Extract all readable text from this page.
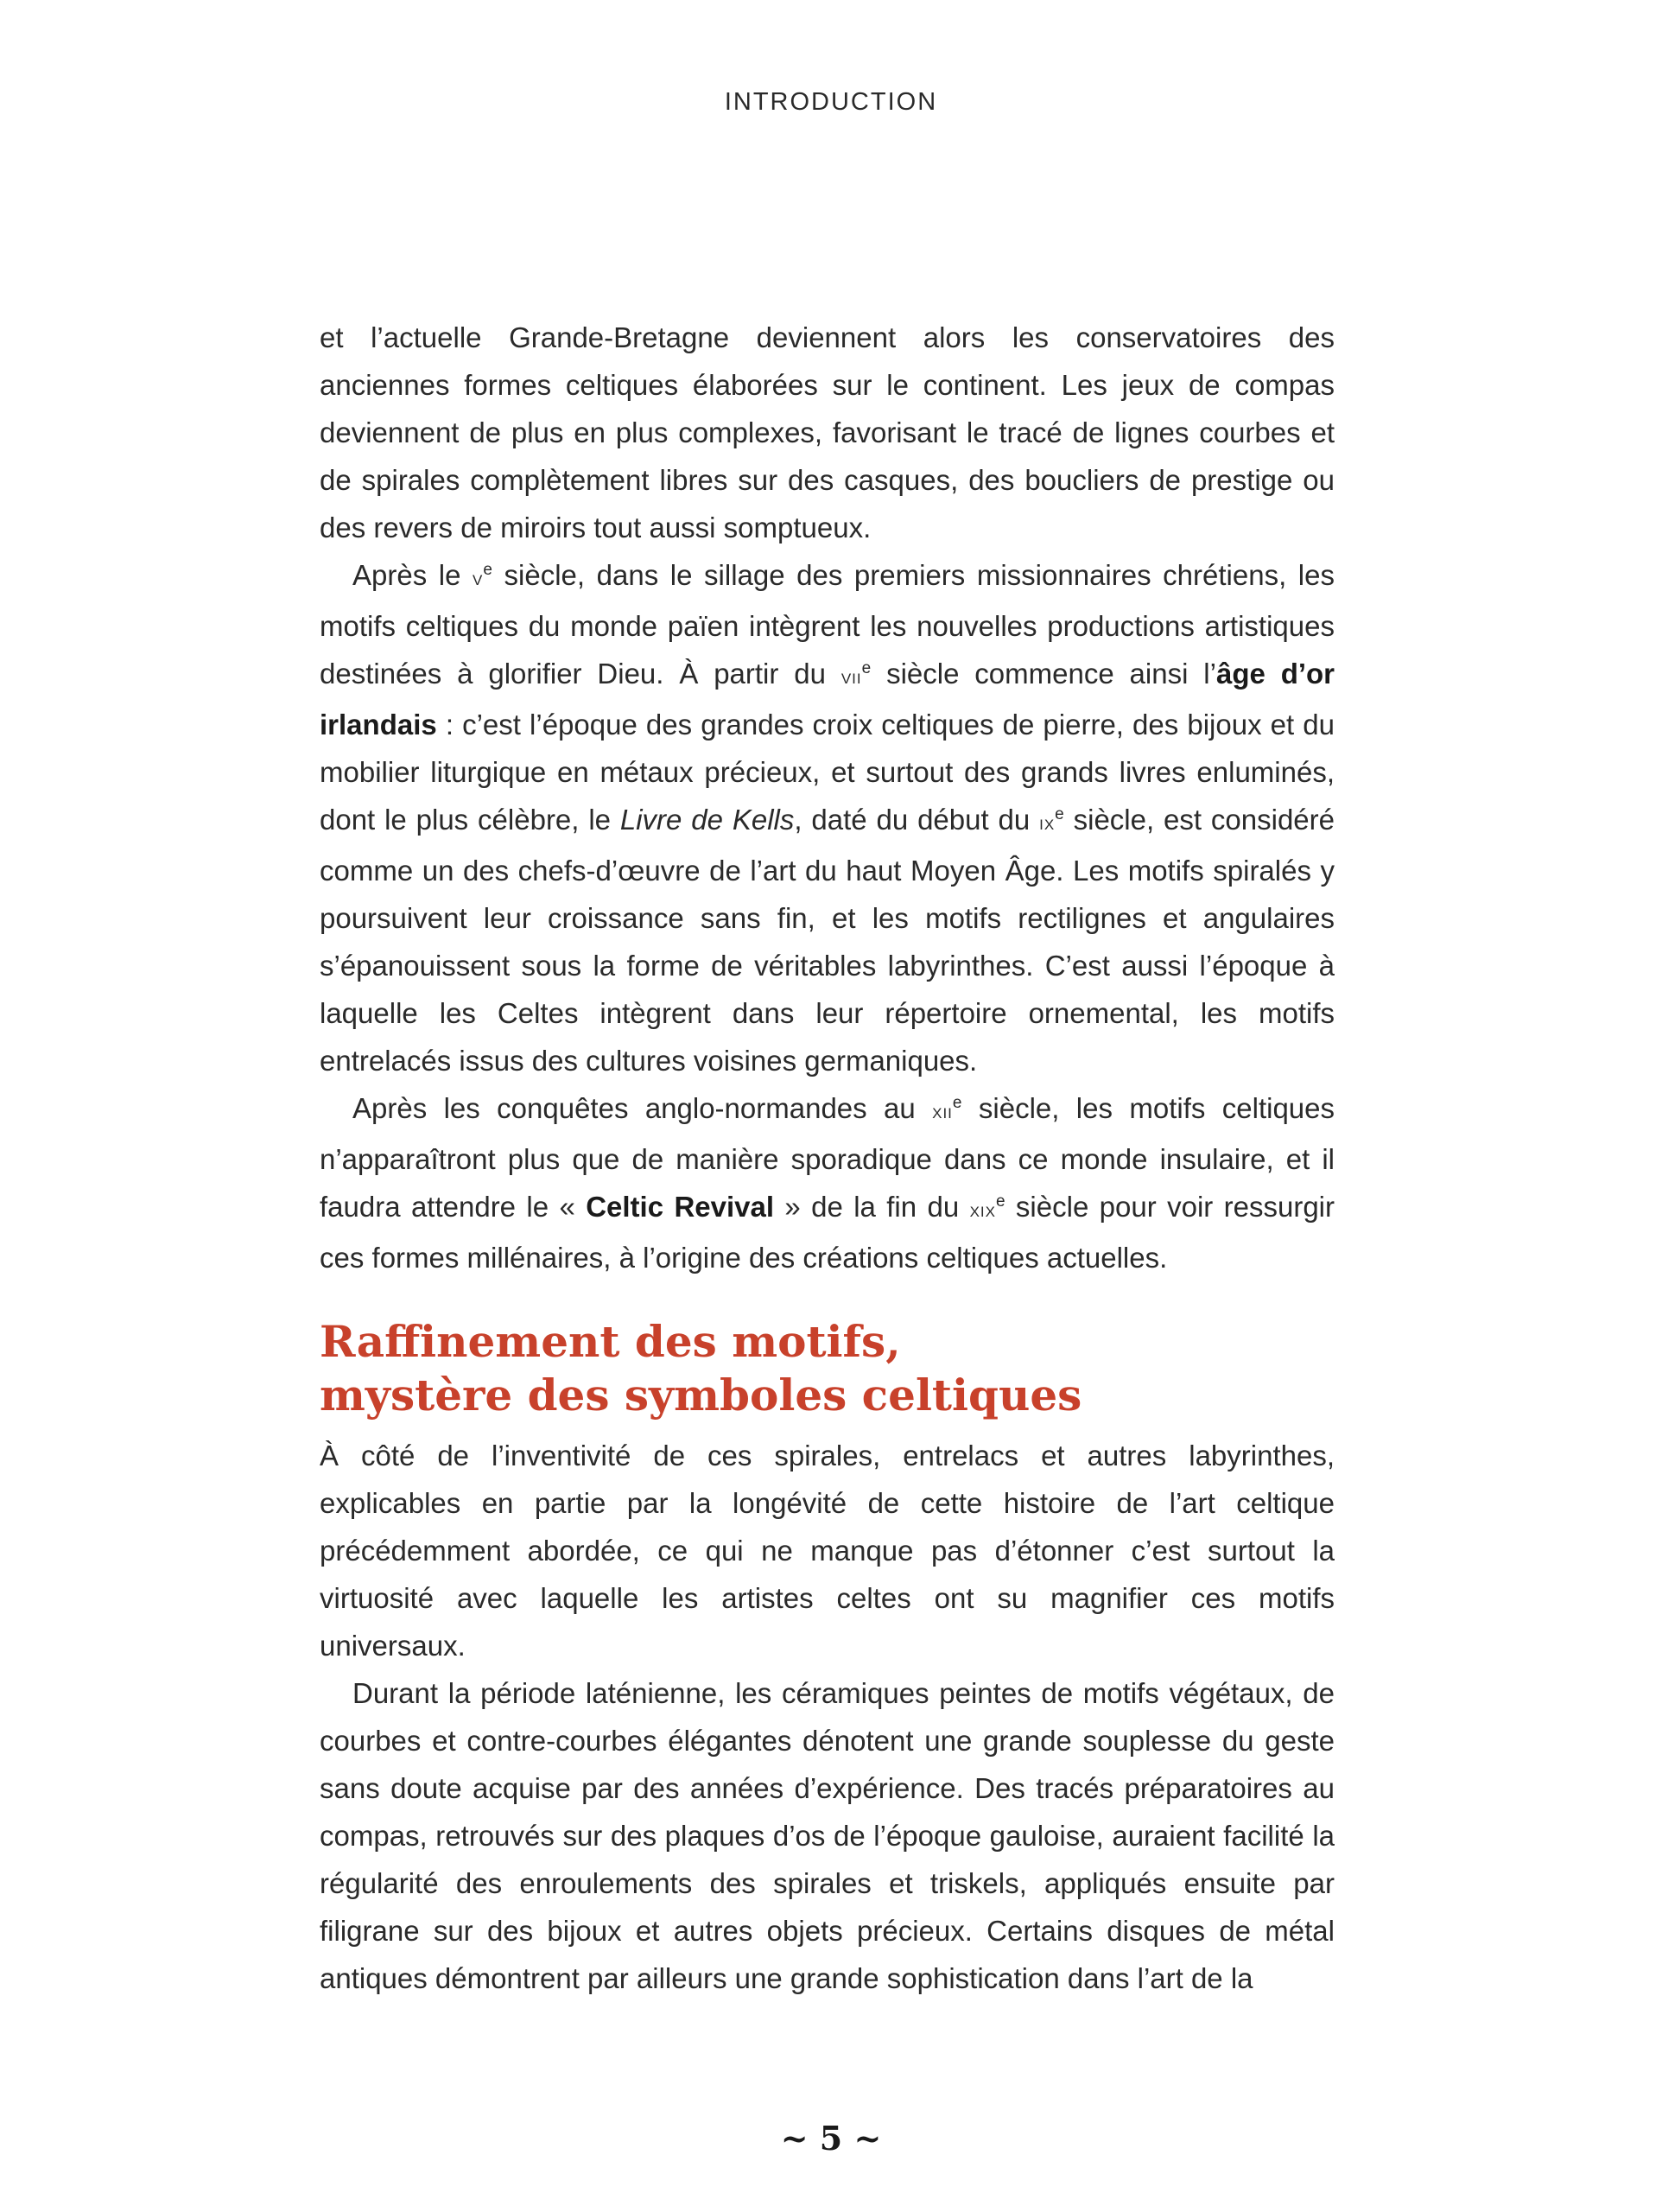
INTRODUCTION

et l’actuelle Grande-Bretagne deviennent alors les conservatoires des anciennes formes celtiques élaborées sur le continent. Les jeux de compas deviennent de plus en plus complexes, favorisant le tracé de lignes courbes et de spirales complètement libres sur des casques, des boucliers de prestige ou des revers de miroirs tout aussi somptueux.

Après le $v^e$ siècle, dans le sillage des premiers missionnaires chrétiens, les motifs celtiques du monde païen intègrent les nouvelles productions artistiques destinées à glorifier Dieu. À partir du vii$^e$ siècle commence ainsi l’âge d’or irlandais : c’est l’époque des grandes croix celtiques de pierre, des bijoux et du mobilier liturgique en métaux précieux, et surtout des grands livres enluminés, dont le plus célèbre, le Livre de Kells, daté du début du $ix^e$ siècle, est considéré comme un des chefs-d’œuvre de l’art du haut Moyen Âge. Les motifs spiralés y poursuivent leur croissance sans fin, et les motifs rectilignes et angulaires s’épanouissent sous la forme de véritables labyrinthes. C’est aussi l’époque à laquelle les Celtes intègrent dans leur répertoire ornemental, les motifs entrelacés issus des cultures voisines germaniques.

Après les conquêtes anglo-normandes au xii$^e$ siècle, les motifs celtiques n’apparaîtront plus que de manière sporadique dans ce monde insulaire, et il faudra attendre le « Celtic Revival » de la fin du xix$^e$ siècle pour voir ressurgir ces formes millénaires, à l’origine des créations celtiques actuelles.

Raffinement des motifs,
mystère des symboles celtiques

À côté de l’inventivité de ces spirales, entrelacs et autres labyrinthes, explicables en partie par la longévité de cette histoire de l’art celtique précédemment abordée, ce qui ne manque pas d’étonner c’est surtout la virtuosité avec laquelle les artistes celtes ont su magnifier ces motifs universaux.

Durant la période laténienne, les céramiques peintes de motifs végétaux, de courbes et contre-courbes élégantes dénotent une grande souplesse du geste sans doute acquise par des années d’expérience. Des tracés préparatoires au compas, retrouvés sur des plaques d’os de l’époque gauloise, auraient facilité la régularité des enroulements des spirales et triskels, appliqués ensuite par filigrane sur des bijoux et autres objets précieux. Certains disques de métal antiques démontrent par ailleurs une grande sophistication dans l’art de la

~ 5 ~
